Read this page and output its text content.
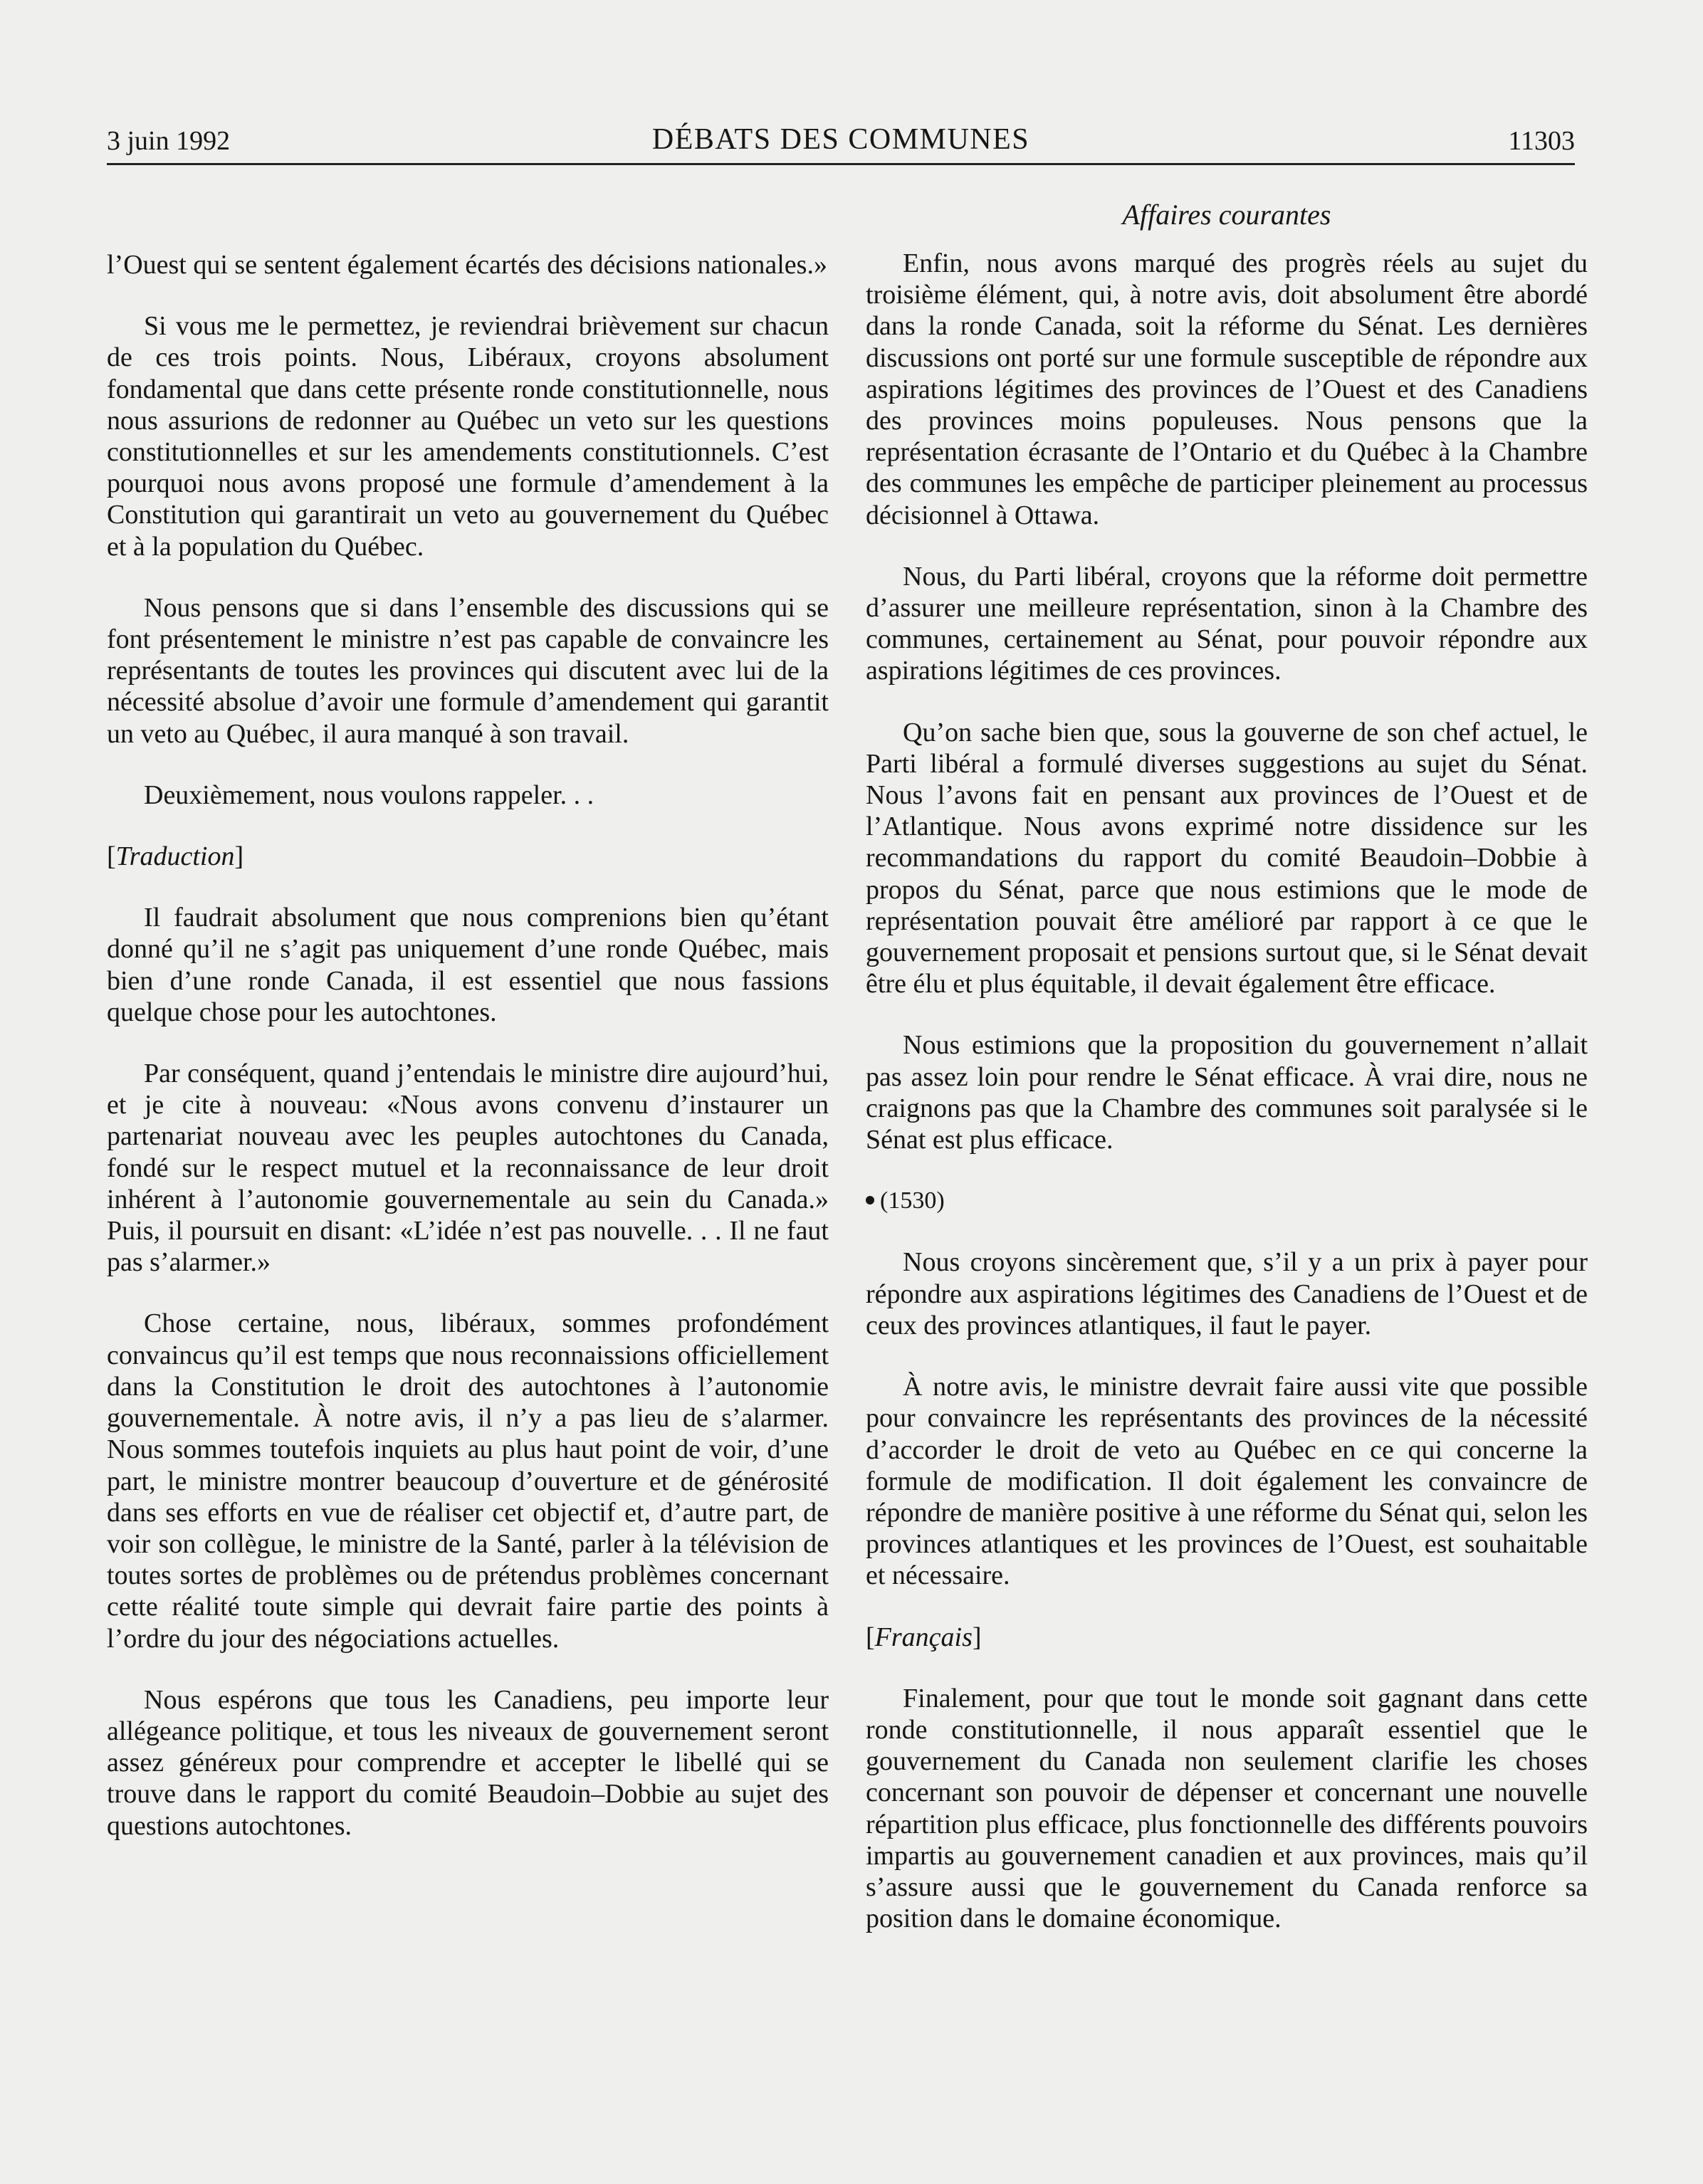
3 juin 1992	DÉBATS DES COMMUNES	11303
Affaires courantes

l’Ouest qui se sentent également écartés des décisions nationales.»

Si vous me le permettez, je reviendrai brièvement sur chacun de ces trois points. Nous, Libéraux, croyons absolument fondamental que dans cette présente ronde constitutionnelle, nous nous assurions de redonner au Québec un veto sur les questions constitutionnelles et sur les amendements constitutionnels. C’est pourquoi nous avons proposé une formule d’amendement à la Constitution qui garantirait un veto au gouvernement du Québec et à la population du Québec.

Nous pensons que si dans l’ensemble des discussions qui se font présentement le ministre n’est pas capable de convaincre les représentants de toutes les provinces qui discutent avec lui de la nécessité absolue d’avoir une formule d’amendement qui garantit un veto au Québec, il aura manqué à son travail.

Deuxièmement, nous voulons rappeler. . .

[Traduction]

Il faudrait absolument que nous comprenions bien qu’étant donné qu’il ne s’agit pas uniquement d’une ronde Québec, mais bien d’une ronde Canada, il est essentiel que nous fassions quelque chose pour les autochtones.

Par conséquent, quand j’entendais le ministre dire aujourd’hui, et je cite à nouveau: «Nous avons convenu d’instaurer un partenariat nouveau avec les peuples autochtones du Canada, fondé sur le respect mutuel et la reconnaissance de leur droit inhérent à l’autonomie gouvernementale au sein du Canada.» Puis, il poursuit en disant: «L’idée n’est pas nouvelle. . . Il ne faut pas s’alarmer.»

Chose certaine, nous, libéraux, sommes profondément convaincus qu’il est temps que nous reconnaissions officiellement dans la Constitution le droit des autochtones à l’autonomie gouvernementale. À notre avis, il n’y a pas lieu de s’alarmer. Nous sommes toutefois inquiets au plus haut point de voir, d’une part, le ministre montrer beaucoup d’ouverture et de générosité dans ses efforts en vue de réaliser cet objectif et, d’autre part, de voir son collègue, le ministre de la Santé, parler à la télévision de toutes sortes de problèmes ou de prétendus problèmes concernant cette réalité toute simple qui devrait faire partie des points à l’ordre du jour des négociations actuelles.

Nous espérons que tous les Canadiens, peu importe leur allégeance politique, et tous les niveaux de gouvernement seront assez généreux pour comprendre et accepter le libellé qui se trouve dans le rapport du comité Beaudoin–Dobbie au sujet des questions autochtones.

Enfin, nous avons marqué des progrès réels au sujet du troisième élément, qui, à notre avis, doit absolument être abordé dans la ronde Canada, soit la réforme du Sénat. Les dernières discussions ont porté sur une formule susceptible de répondre aux aspirations légitimes des provinces de l’Ouest et des Canadiens des provinces moins populeuses. Nous pensons que la représentation écrasante de l’Ontario et du Québec à la Chambre des communes les empêche de participer pleinement au processus décisionnel à Ottawa.

Nous, du Parti libéral, croyons que la réforme doit permettre d’assurer une meilleure représentation, sinon à la Chambre des communes, certainement au Sénat, pour pouvoir répondre aux aspirations légitimes de ces provinces.

Qu’on sache bien que, sous la gouverne de son chef actuel, le Parti libéral a formulé diverses suggestions au sujet du Sénat. Nous l’avons fait en pensant aux provinces de l’Ouest et de l’Atlantique. Nous avons exprimé notre dissidence sur les recommandations du rapport du comité Beaudoin–Dobbie à propos du Sénat, parce que nous estimions que le mode de représentation pouvait être amélioré par rapport à ce que le gouvernement proposait et pensions surtout que, si le Sénat devait être élu et plus équitable, il devait également être efficace.

Nous estimions que la proposition du gouvernement n’allait pas assez loin pour rendre le Sénat efficace. À vrai dire, nous ne craignons pas que la Chambre des communes soit paralysée si le Sénat est plus efficace.

(1530)

Nous croyons sincèrement que, s’il y a un prix à payer pour répondre aux aspirations légitimes des Canadiens de l’Ouest et de ceux des provinces atlantiques, il faut le payer.

À notre avis, le ministre devrait faire aussi vite que possible pour convaincre les représentants des provinces de la nécessité d’accorder le droit de veto au Québec en ce qui concerne la formule de modification. Il doit également les convaincre de répondre de manière positive à une réforme du Sénat qui, selon les provinces atlantiques et les provinces de l’Ouest, est souhaitable et nécessaire.

[Français]

Finalement, pour que tout le monde soit gagnant dans cette ronde constitutionnelle, il nous apparaît essentiel que le gouvernement du Canada non seulement clarifie les choses concernant son pouvoir de dépenser et concernant une nouvelle répartition plus efficace, plus fonctionnelle des différents pouvoirs impartis au gouvernement canadien et aux provinces, mais qu’il s’assure aussi que le gouvernement du Canada renforce sa position dans le domaine économique.
